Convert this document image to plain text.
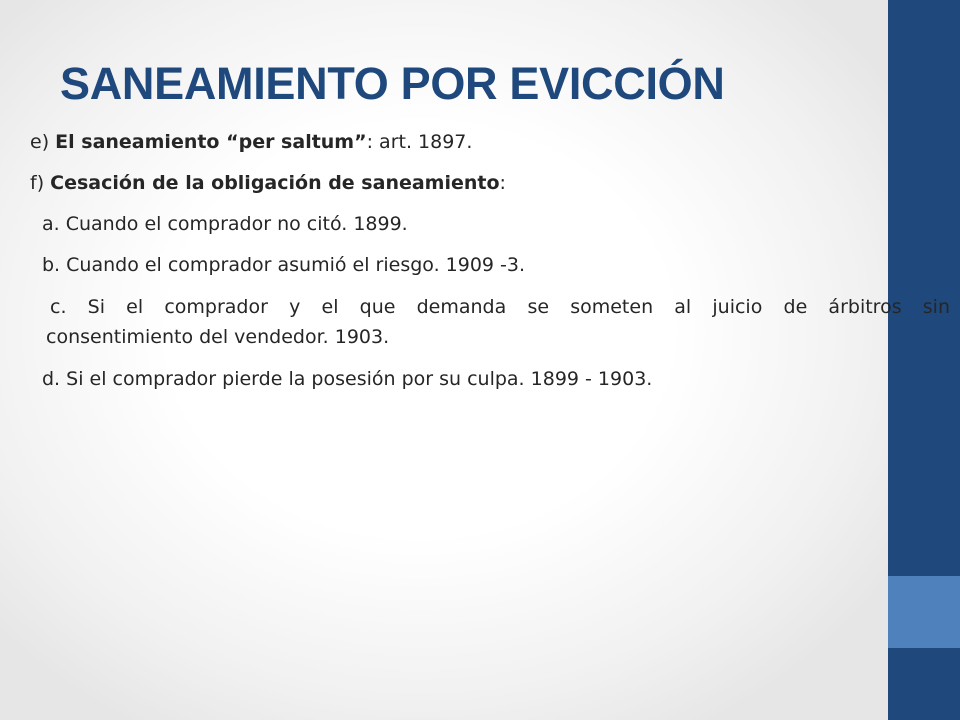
SANEAMIENTO POR EVICCIÓN

e) El saneamiento “per saltum”: art. 1897.

f) Cesación de la obligación de saneamiento:

a. Cuando el comprador no citó. 1899.

b. Cuando el comprador asumió el riesgo. 1909 -3.

c. Si el comprador y el que demanda se someten al juicio de árbitros sin
consentimiento del vendedor. 1903.

d. Si el comprador pierde la posesión por su culpa. 1899 - 1903.
